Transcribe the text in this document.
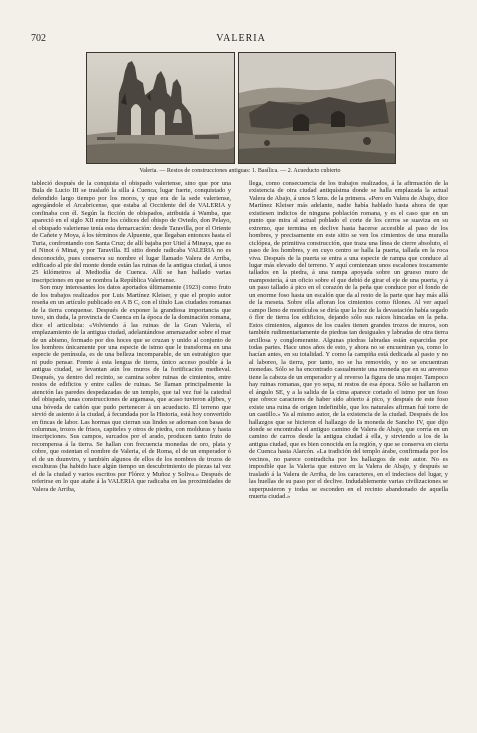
702	VALERIA
Valeria. — Restos de construcciones antiguas: 1. Basílica. — 2. Acueducto cubierto

tableció después de la conquista el obispado valeriense, sino que por una Bula de Lucio III se trasladó la silla á Cuenca, lugar fuerte, conquistado y defendido largo tiempo por los moros, y que era de la sede valeriense, agregándole el Arcabricense, que estaba al Occidente del de VALERIA y confinaba con él. Según la ficción de obispados, atribuida á Wamba, que apareció en el siglo XII entre los códices del obispo de Oviedo, don Pelayo, el obispado valeriense tenía esta demarcación: desde Taravilla, por el Oriente de Cañete y Moya, á los términos de Alpuente, que llegaban entonces hasta el Turia, confrontando con Santa Cruz; de allí bajaba por Utiel á Minaya, que es el Ninot ó Minat, y por Taravilla. El sitio donde radicaba VALERIA no es desconocido, pues conserva su nombre el lugar llamado Valera de Arriba, edificado al pie del monte donde están las ruinas de la antigua ciudad, á unos 25 kilómetros al Mediodía de Cuenca. Allí se han hallado varias inscripciones en que se nombra la República Valeriense.

Son muy interesantes los datos aportados últimamente (1923) como fruto de los trabajos realizados por Luis Martínez Kleiser, y que el propio autor reseña en un artículo publicado en A B C, con el título Las ciudades romanas de la tierra conquense. Después de exponer la grandiosa importancia que tuvo, sin duda, la provincia de Cuenca en la época de la dominación romana, dice el articulista: «Volviendo á las ruinas de la Gran Valeria, el emplazamiento de la antigua ciudad, adelantándose amenazador sobre el mar de un abismo, formado por dos hoces que se cruzan y unido al conjunto de los hombres únicamente por una especie de istmo que le transforma en una especie de península, es de una belleza incomparable, de un estratégico que ni pudo pensar. Frente á esta lengua de tierra, único acceso posible á la antigua ciudad, se levantan aún los muros de la fortificación medieval. Después, ya dentro del recinto, se camina sobre ruinas de cimientos, entre restos de edificios y entre calles de ruinas. Se llaman principalmente la atención las paredes despedazadas de un templo, que tal vez fué la catedral del obispado, unas construcciones de argamasa, que acaso tuvieron aljibes, y una bóveda de cañón que pudo pertenecer á un acueducto. El terreno que sirvió de asiento á la ciudad, á fecundada por la Historia, está hoy convertido en fincas de labor. Las hormas que cierran sus lindes se adornan con basas de columnas, trozos de frisos, capiteles y otros de piedra, con molduras y hasta inscripciones. Sus campos, surcados por el arado, producen tanto fruto de recompensa á la tierra. Se hallan con frecuencia monedas de oro, plata y cobre, que ostentan el nombre de Valeria, el de Roma, el de un emperador ó el de un duunviro, y también algunos de ellos de los nombres de trozos de esculturas (ha habido hace algún tiempo un descubrimiento de piezas tal vez el de la ciudad y varios escritos por Flórez y Muñoz y Soliva.» Después de referirse en lo que atañe á la VALERIA que radicaba en las proximidades de Valera de Arriba,

llega, como consecuencia de los trabajos realizados, á la afirmación de la existencia de otra ciudad antiquísima donde se halla emplazada la actual Valera de Abajo, á unos 5 kms. de la primera. «Pero en Valera de Abajo, dice Martínez Kleiser más adelante, nadie había hablado hasta ahora de que existiesen indicios de ninguna población romana, y es el caso que en un punto que mira al actual poblado el corte de los cerros se suaviza en su extremo, que termina en declive hasta hacerse accesible al paso de los hombres, y precisamente en este sitio se ven los cimientos de una muralla ciclópea, de primitiva construcción, que traza una línea de cierre absoluto, el paso de los hombres, y en cuyo centro se halla la puerta, tallada en la roca viva. Después de la puerta se entra a una especie de rampa que conduce al lugar más elevado del terreno. Y aquí comienzan unos escalones toscamente tallados en la piedra, á una rampa apoyada sobre un grueso muro de mampostería, á un oficio sobre el que debió de girar el eje de una puerta, y á un paso tallado á pico en el corazón de la peña que conduce por el fondo de un enorme foso hasta un escalón que da al resto de la parte que hay más allá de la meseta. Sobre ella afloran los cimientos como filones. Al ver aquel campo lleno de montículos se diría que la hoz de la devastación había segado ó flor de tierra los edificios, dejando sólo sus raíces hincadas en la peña. Estos cimientos, algunos de los cuales tienen grandes trozos de muros, son también rudimentariamente de piedras tan desiguales y labradas de otra tierra arcillosa y conglomerante. Algunas piedras labradas están esparcidas por todas partes. Hace unos años de esto, y ahora no se encuentran ya, como lo hacían antes, en su totalidad. Y como la campiña está dedicada al pasto y no al laboreo, la tierra, por tanto, no se ha removido, y no se encuentran monedas. Sólo se ha encontrado casualmente una moneda que en su anverso tiene la cabeza de un emperador y al reverso la figura de una mujer. Tampoco hay ruinas romanas, que yo sepa, ni restos de esa época. Sólo se hallaron en el ángulo SE, y a la salida de la cima aparece cortado el istmo por un foso que ofrece caracteres de haber sido abierto á pico, y después de este foso existe una ruina de origen indefinible, que los naturales afirman fué torre de un castillo.» Ya al mismo autor, de la existencia de la ciudad. Después de los hallazgos que se hicieron el hallazgo de la moneda de Sancho IV, que dijo donde se encontraba el antiguo camino de Valera de Abajo, que corría en un camino de carros desde la antigua ciudad á ella, y sirviendo a los de la antigua ciudad, que es bien conocida en la región, y que se conserva en cierta de Cuenca hasta Alarcón. «La tradición del templo árabe, confirmada por los vecinos, no parece contradicha por los hallazgos de este autor. No es imposible que la Valeria que estuvo en la Valera de Abajo, y después se trasladó á la Valera de Arriba, de los caracteres, en el indecisos del lugar, y las huellas de su paso por el declive. Indudablemente varias civilizaciones se superpusieron y todas se esconden en el recinto abandonado de aquella muerta ciudad.»
